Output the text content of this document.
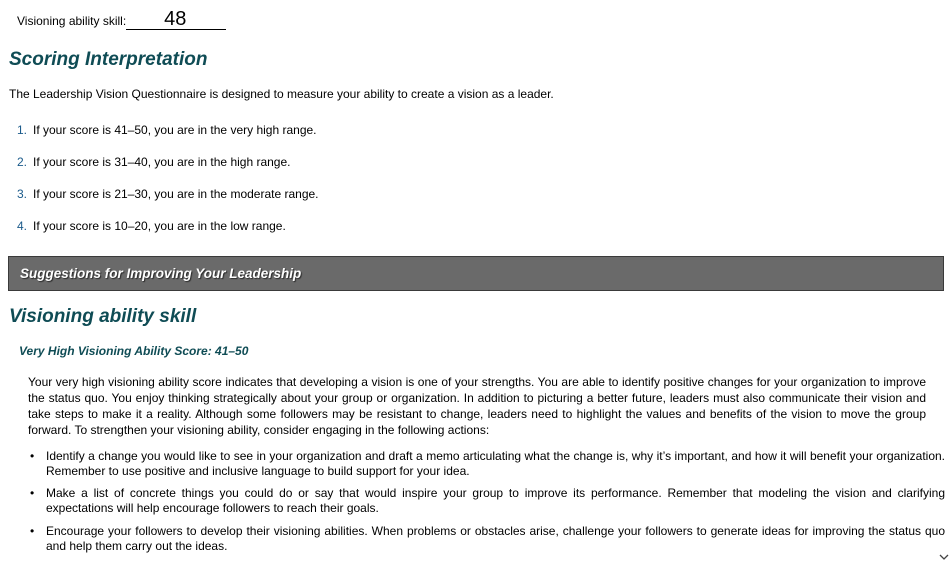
Visioning ability skill:	48
Scoring Interpretation

The Leadership Vision Questionnaire is designed to measure your ability to create a vision as a leader.

1. If your score is 41–50, you are in the very high range.
2. If your score is 31–40, you are in the high range.
3. If your score is 21–30, you are in the moderate range.
4. If your score is 10–20, you are in the low range.
Suggestions for Improving Your Leadership
Visioning ability skill
Very High Visioning Ability Score: 41–50

Your very high visioning ability score indicates that developing a vision is one of your strengths. You are able to identify positive changes for your organization to improve the status quo. You enjoy thinking strategically about your group or organization. In addition to picturing a better future, leaders must also communicate their vision and take steps to make it a reality. Although some followers may be resistant to change, leaders need to highlight the values and benefits of the vision to move the group forward. To strengthen your visioning ability, consider engaging in the following actions:

• Identify a change you would like to see in your organization and draft a memo articulating what the change is, why it’s important, and how it will benefit your organization. Remember to use positive and inclusive language to build support for your idea.
• Make a list of concrete things you could do or say that would inspire your group to improve its performance. Remember that modeling the vision and clarifying expectations will help encourage followers to reach their goals.
• Encourage your followers to develop their visioning abilities. When problems or obstacles arise, challenge your followers to generate ideas for improving the status quo and help them carry out the ideas.
